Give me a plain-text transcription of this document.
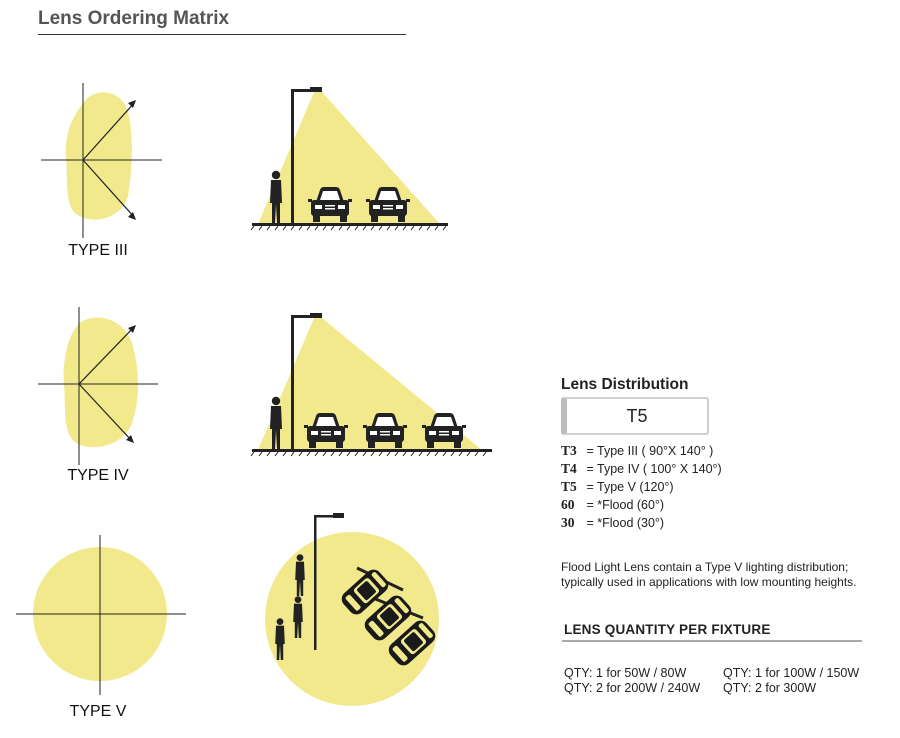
Lens Ordering Matrix
TYPE III
TYPE IV
TYPE V
Lens Distribution
T5
T3 = Type III ( 90°X 140° )
T4 = Type IV ( 100° X 140°)
T5 = Type V (120°)
60 = *Flood (60°)
30 = *Flood (30°)
Flood Light Lens contain a Type V lighting distribution;
typically used in applications with low mounting heights.
LENS QUANTITY PER FIXTURE
QTY: 1 for 50W / 80W	QTY: 1 for 100W / 150W
QTY: 2 for 200W / 240W QTY: 2 for 300W
